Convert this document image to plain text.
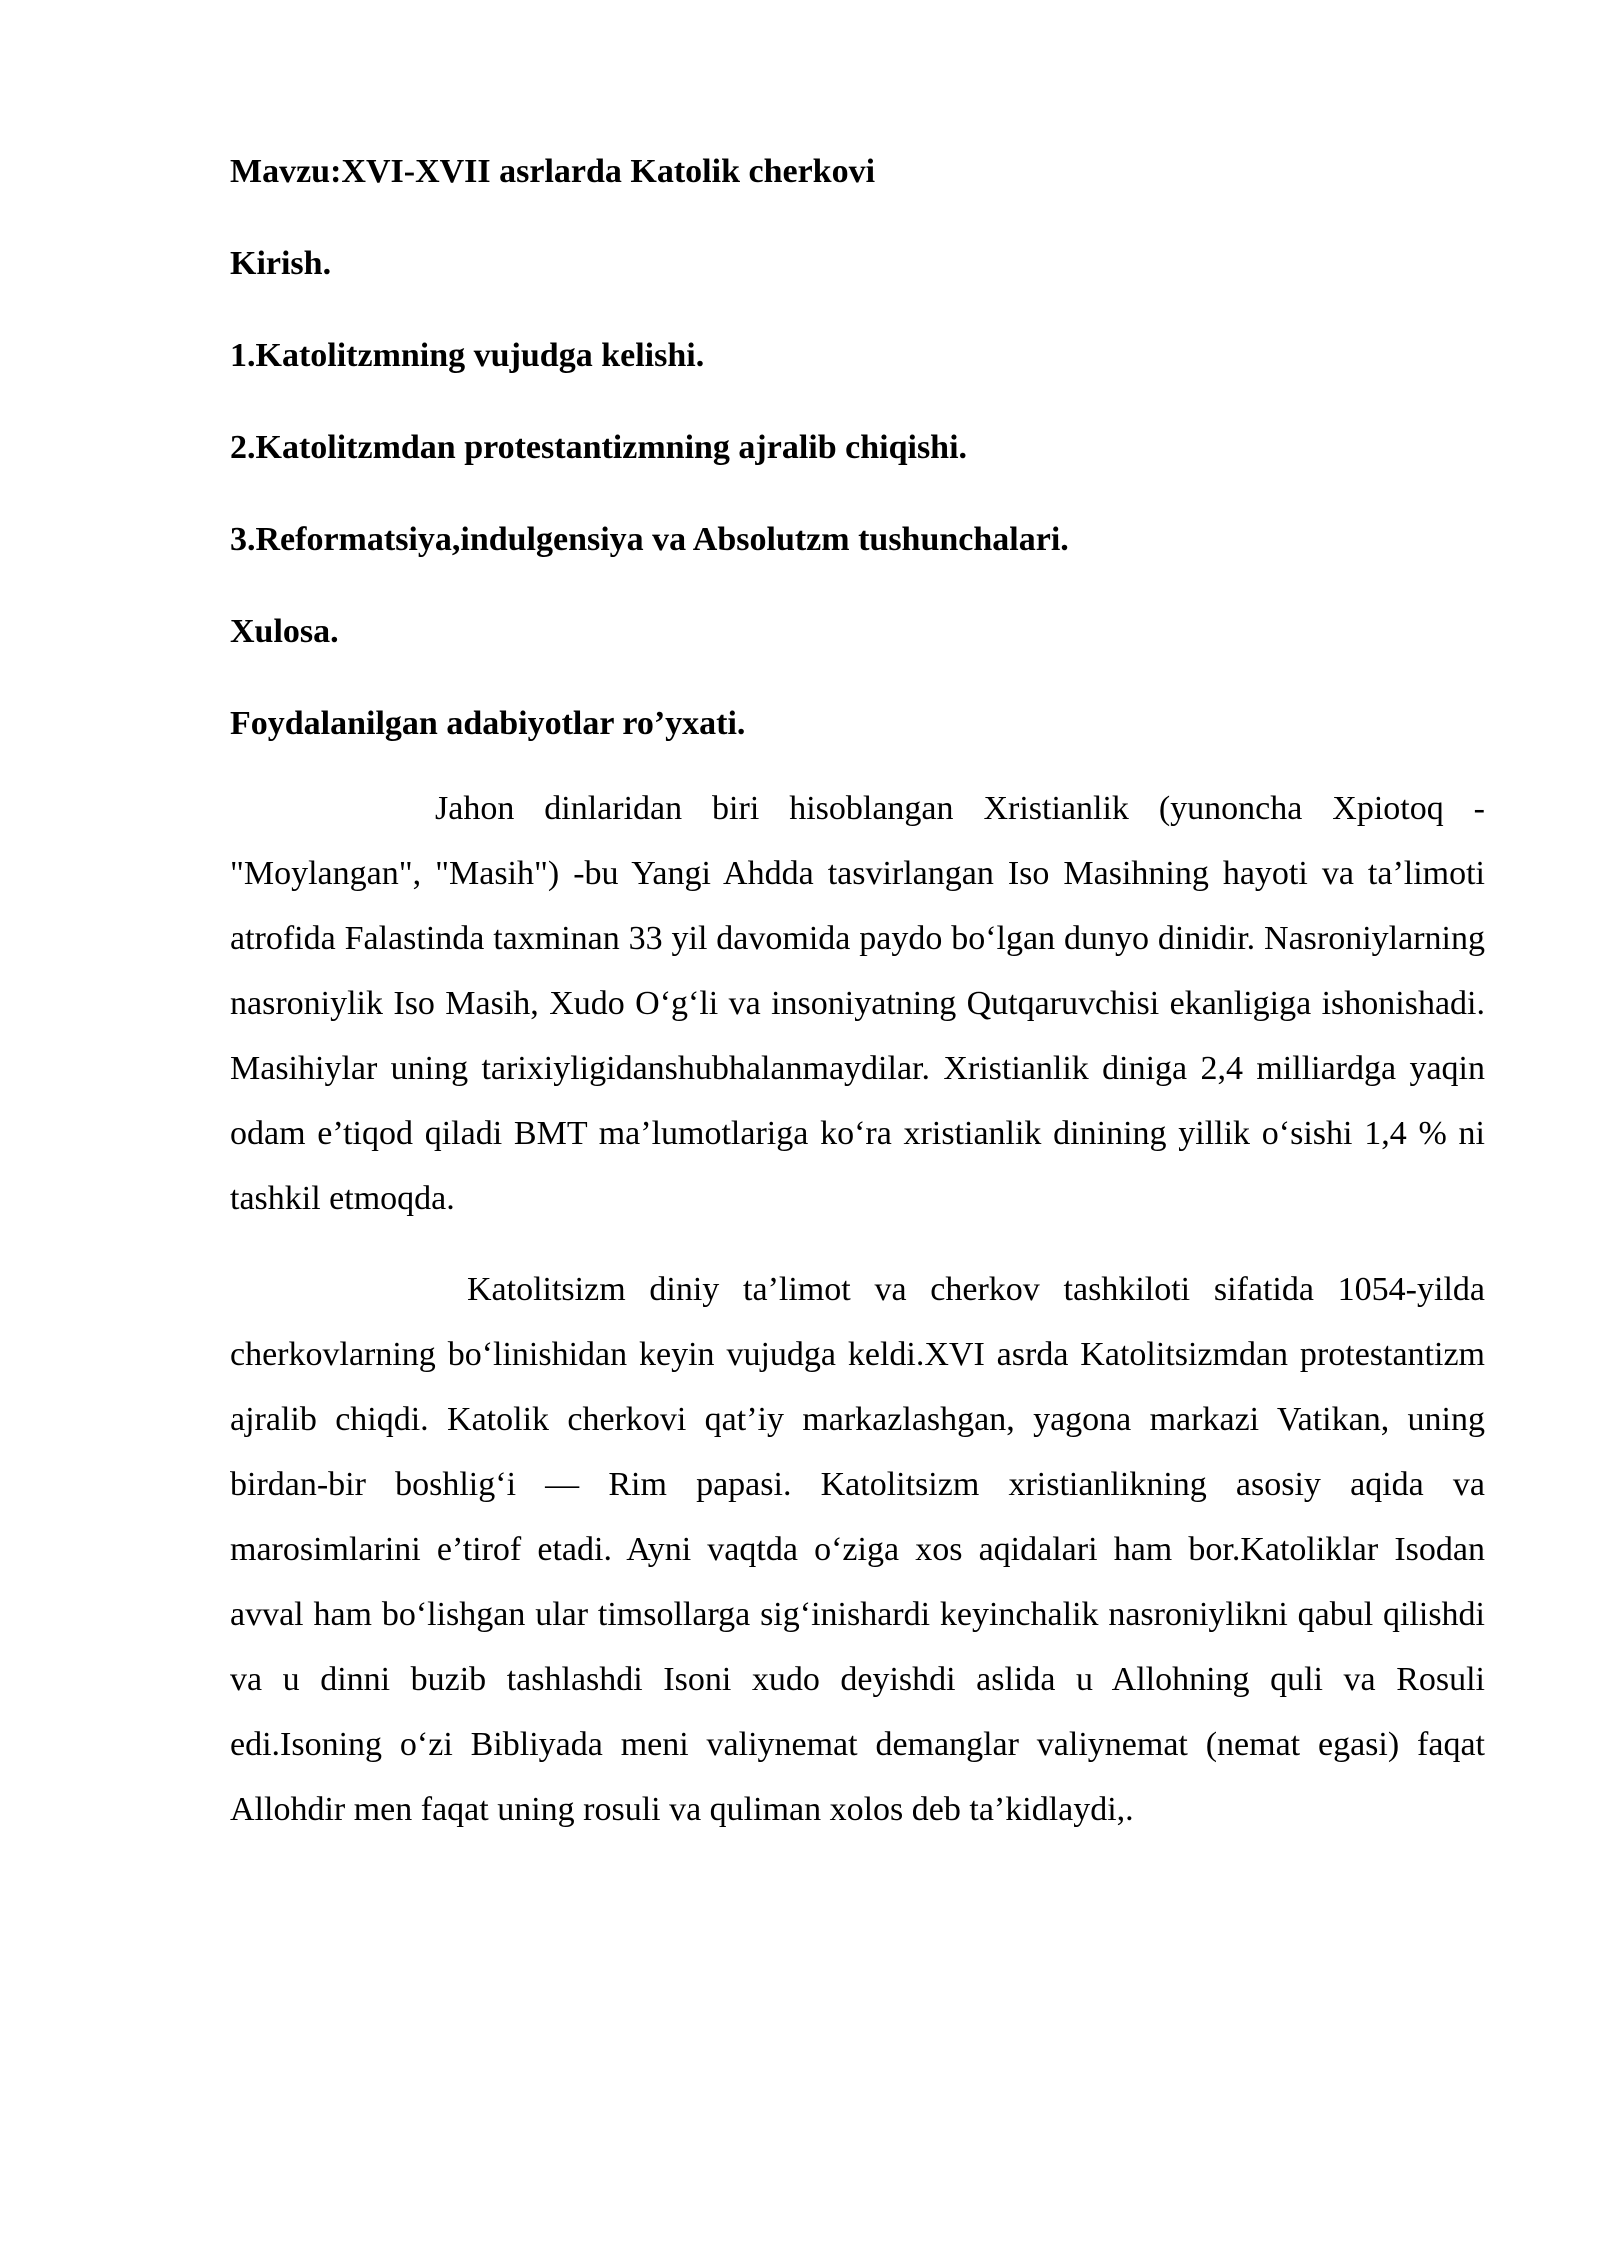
Mavzu:XVI-XVII asrlarda Katolik cherkovi
Kirish.
1.Katolitzmning vujudga kelishi.
2.Katolitzmdan protestantizmning ajralib chiqishi.
3.Reformatsiya,indulgensiya va Absolutzm tushunchalari.
Xulosa.
Foydalanilgan adabiyotlar ro’yxati.

Jahon dinlaridan biri hisoblangan Xristianlik (yunoncha Xpiotoq -"Moylangan", "Masih") -bu Yangi Ahdda tasvirlangan Iso Masihning hayoti va ta’limoti atrofida Falastinda taxminan 33 yil davomida paydo bo‘lgan dunyo dinidir. Nasroniylarning nasroniylik Iso Masih, Xudo O‘g‘li va insoniyatning Qutqaruvchisi ekanligiga ishonishadi. Masihiylar uning tarixiyligidanshubhalanmaydilar. Xristianlik diniga 2,4 milliardga yaqin odam e’tiqod qiladi BMT ma’lumotlariga ko‘ra xristianlik dinining yillik o‘sishi 1,4 % ni tashkil etmoqda.

Katolitsizm diniy ta’limot va cherkov tashkiloti sifatida 1054-yilda cherkovlarning bo‘linishidan keyin vujudga keldi.XVI asrda Katolitsizmdan protestantizm ajralib chiqdi. Katolik cherkovi qat’iy markazlashgan, yagona markazi Vatikan, uning birdan-bir boshlig‘i — Rim papasi. Katolitsizm xristianlikning asosiy aqida va marosimlarini e’tirof etadi. Ayni vaqtda o‘ziga xos aqidalari ham bor.Katoliklar Isodan avval ham bo‘lishgan ular timsollarga sig‘inishardi keyinchalik nasroniylikni qabul qilishdi va u dinni buzib tashlashdi Isoni xudo deyishdi aslida u Allohning quli va Rosuli edi.Isoning o‘zi Bibliyada meni valiynemat demanglar valiynemat (nemat egasi) faqat Allohdir men faqat uning rosuli va quliman xolos deb ta’kidlaydi,.
